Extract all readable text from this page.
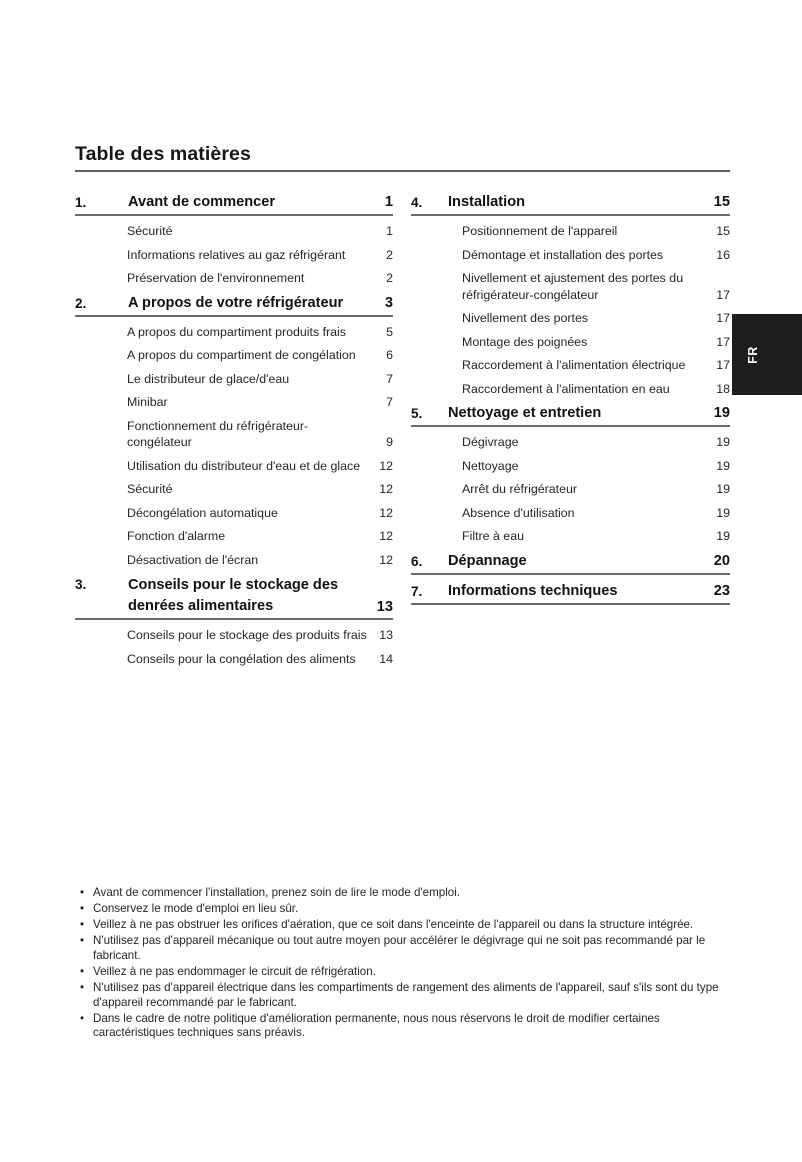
Table des matières
1.	Avant de commencer	1
Sécurité	1
Informations relatives au gaz réfrigérant	2
Préservation de l'environnement	2
2.	A propos de votre réfrigérateur	3
A propos du compartiment produits frais	5
A propos du compartiment de congélation	6
Le distributeur de glace/d'eau	7
Minibar	7
Fonctionnement du réfrigérateur-congélateur	9
Utilisation du distributeur d'eau et de glace	12
Sécurité	12
Décongélation automatique	12
Fonction d'alarme	12
Désactivation de l'écran	12
3.	Conseils pour le stockage des denrées alimentaires	13
Conseils pour le stockage des produits frais	13
Conseils pour la congélation des aliments	14
4.	Installation	15
Positionnement de l'appareil	15
Démontage et installation des portes	16
Nivellement et ajustement des portes du réfrigérateur-congélateur	17
Nivellement des portes	17
Montage des poignées	17
Raccordement à l'alimentation électrique	17
Raccordement à l'alimentation en eau	18
5.	Nettoyage et entretien	19
Dégivrage	19
Nettoyage	19
Arrêt du réfrigérateur	19
Absence d'utilisation	19
Filtre à eau	19
6.	Dépannage	20
7.	Informations techniques	23
FR
• Avant de commencer l'installation, prenez soin de lire le mode d'emploi.
• Conservez le mode d'emploi en lieu sûr.
• Veillez à ne pas obstruer les orifices d'aération, que ce soit dans l'enceinte de l'appareil ou dans la structure intégrée.
• N'utilisez pas d'appareil mécanique ou tout autre moyen pour accélérer le dégivrage qui ne soit pas recommandé par le fabricant.
• Veillez à ne pas endommager le circuit de réfrigération.
• N'utilisez pas d'appareil électrique dans les compartiments de rangement des aliments de l'appareil, sauf s'ils sont du type d'appareil recommandé par le fabricant.
• Dans le cadre de notre politique d'amélioration permanente, nous nous réservons le droit de modifier certaines caractéristiques techniques sans préavis.
